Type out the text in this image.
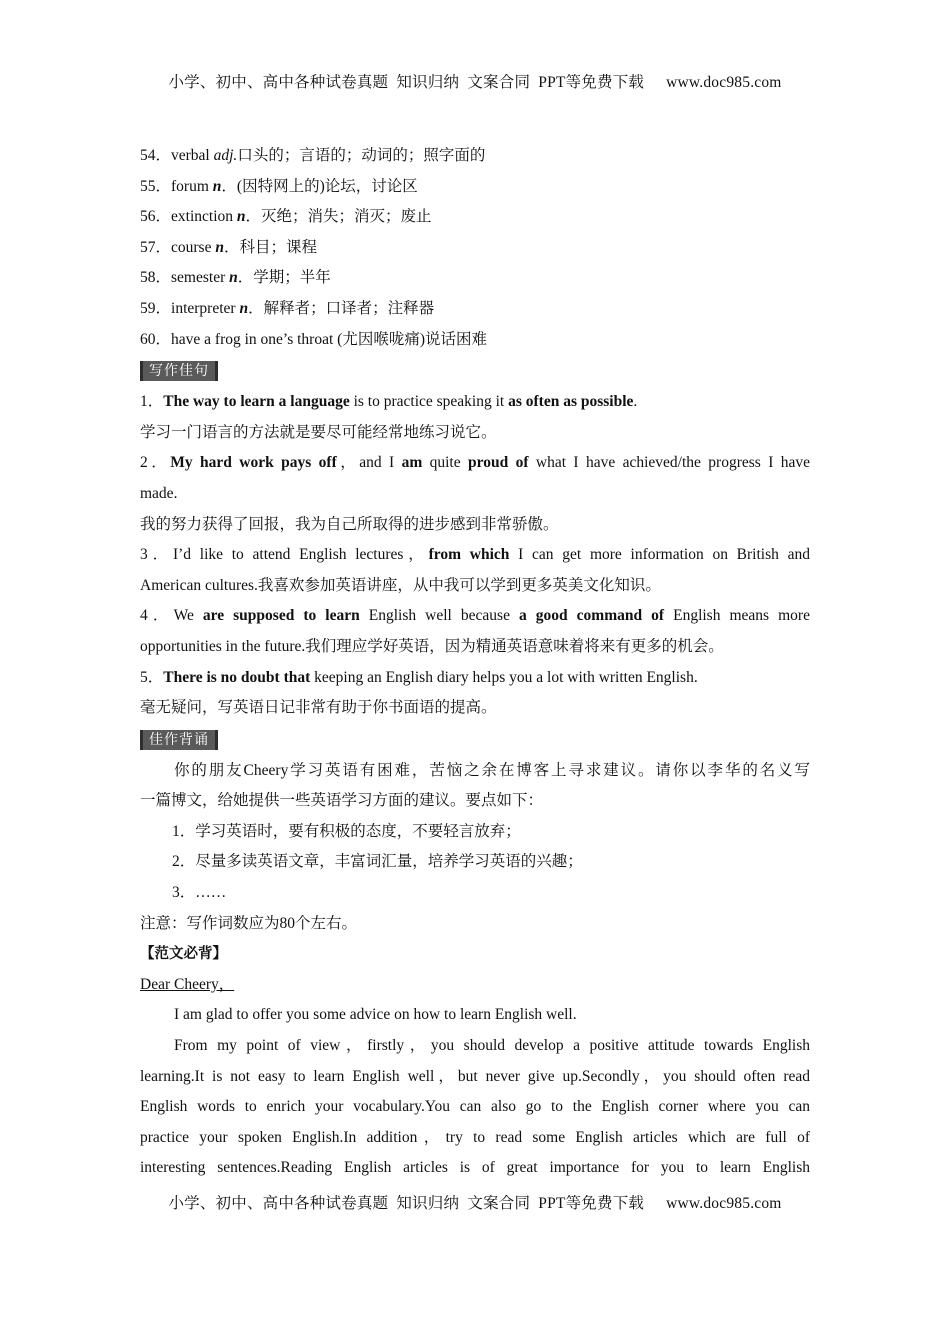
小学、初中、高中各种试卷真题  知识归纳  文案合同  PPT等免费下载 www.doc985.com
54．verbal adj.口头的；言语的；动词的；照字面的
55．forum n．(因特网上的)论坛，讨论区
56．extinction n．灭绝；消失；消灭；废止
57．course n．科目；课程
58．semester n．学期；半年
59．interpreter n．解释者；口译者；注释器
60．have a frog in one’s throat (尤因喉咙痛)说话困难
写作佳句
1．The way to learn a language is to practice speaking it as often as possible.
学习一门语言的方法就是要尽可能经常地练习说它。
2．My hard work pays off，and I am quite proud of what I have achieved/the progress I have
made.
我的努力获得了回报，我为自己所取得的进步感到非常骄傲。
3．I’d like to attend English lectures，from which I can get more information on British and
American cultures.我喜欢参加英语讲座，从中我可以学到更多英美文化知识。
4．We are supposed to learn English well because a good command of English means more
opportunities in the future.我们理应学好英语，因为精通英语意味着将来有更多的机会。
5．There is no doubt that keeping an English diary helps you a lot with written English.
毫无疑问，写英语日记非常有助于你书面语的提高。
佳作背诵
你的朋友Cheery学习英语有困难，苦恼之余在博客上寻求建议。请你以李华的名义写
一篇博文，给她提供一些英语学习方面的建议。要点如下：
1．学习英语时，要有积极的态度，不要轻言放弃；
2．尽量多读英语文章，丰富词汇量，培养学习英语的兴趣；
3．……
注意：写作词数应为80个左右。
【范文必背】
Dear Cheery，
I am glad to offer you some advice on how to learn English well.
From my point of view，firstly，you should develop a positive attitude towards English
learning.It is not easy to learn English well，but never give up.Secondly，you should often read
English words to enrich your vocabulary.You can also go to the English corner where you can
practice your spoken English.In addition，try to read some English articles which are full of
interesting sentences.Reading English articles is of great importance for you to learn English
小学、初中、高中各种试卷真题  知识归纳  文案合同  PPT等免费下载 www.doc985.com
